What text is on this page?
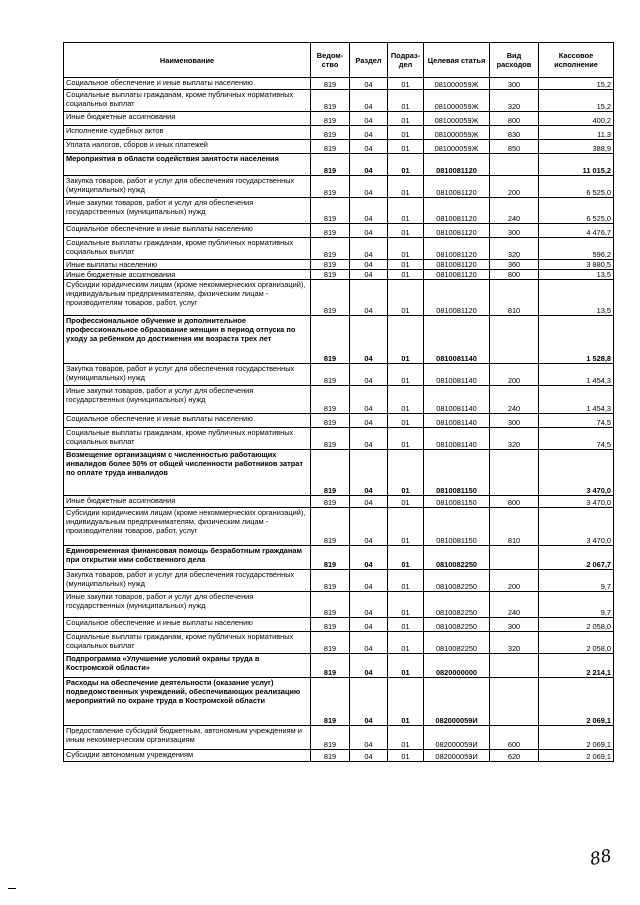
Наименование	Ведом-ство	Раздел	Подраз-дел	Целевая статья	Вид расходов	Кассовое исполнение
Социальное обеспечение и иные выплаты населению	819	04	01	081000059Ж	300	15,2
Социальные выплаты гражданам, кроме публичных нормативных социальных выплат	819	04	01	081000059Ж	320	15,2
Иные бюджетные ассигнования	819	04	01	081000059Ж	800	400,2
Исполнение судебных актов	819	04	01	081000059Ж	830	11,3
Уплата налогов, сборов и иных платежей	819	04	01	081000059Ж	850	388,9
Мероприятия в области содействия занятости населения	819	04	01	0810081120		11 015,2
Закупка товаров, работ и услуг для обеспечения государственных (муниципальных) нужд	819	04	01	0810081120	200	6 525,0
Иные закупки товаров, работ и услуг для обеспечения государственных (муниципальных) нужд	819	04	01	0810081120	240	6 525,0
Социальное обеспечение и иные выплаты населению	819	04	01	0810081120	300	4 476,7
Социальные выплаты гражданам, кроме публичных нормативных социальных выплат	819	04	01	0810081120	320	596,2
Иные выплаты населению	819	04	01	0810081120	360	3 880,5
Иные бюджетные ассигнования	819	04	01	0810081120	800	13,5
Субсидии юридическим лицам (кроме некоммерческих организаций), индивидуальным предпринимателям, физическим лицам - производителям товаров, работ, услуг	819	04	01	0810081120	810	13,5
Профессиональное обучение и дополнительное профессиональное образование женщин в период отпуска по уходу за ребенком до достижения им возраста трех лет	819	04	01	0810081140		1 528,8
Закупка товаров, работ и услуг для обеспечения государственных (муниципальных) нужд	819	04	01	0810081140	200	1 454,3
Иные закупки товаров, работ и услуг для обеспечения государственных (муниципальных) нужд	819	04	01	0810081140	240	1 454,3
Социальное обеспечение и иные выплаты населению	819	04	01	0810081140	300	74,5
Социальные выплаты гражданам, кроме публичных нормативных социальных выплат	819	04	01	0810081140	320	74,5
Возмещение организациям с численностью работающих инвалидов более 50% от общей численности работников затрат по оплате труда инвалидов	819	04	01	0810081150		3 470,0
Иные бюджетные ассигнования	819	04	01	0810081150	800	3 470,0
Субсидии юридическим лицам (кроме некоммерческих организаций), индивидуальным предпринимателям, физическим лицам - производителям товаров, работ, услуг	819	04	01	0810081150	810	3 470,0
Единовременная финансовая помощь безработным гражданам при открытии ими собственного дела	819	04	01	0810082250		2 067,7
Закупка товаров, работ и услуг для обеспечения государственных (муниципальных) нужд	819	04	01	0810082250	200	9,7
Иные закупки товаров, работ и услуг для обеспечения государственных (муниципальных) нужд	819	04	01	0810082250	240	9,7
Социальное обеспечение и иные выплаты населению	819	04	01	0810082250	300	2 058,0
Социальные выплаты гражданам, кроме публичных нормативных социальных выплат	819	04	01	0810082250	320	2 058,0
Подпрограмма «Улучшение условий охраны труда в Костромской области»	819	04	01	0820000000		2 214,1
Расходы на обеспечение деятельности (оказание услуг) подведомственных учреждений, обеспечивающих реализацию мероприятий по охране труда в Костромской области	819	04	01	082000059И		2 069,1
Предоставление субсидий бюджетным, автономным учреждениям и иным некоммерческим организациям	819	04	01	082000059И	600	2 069,1
Субсидии автономным учреждениям	819	04	01	082000059И	620	2 069,1
88
